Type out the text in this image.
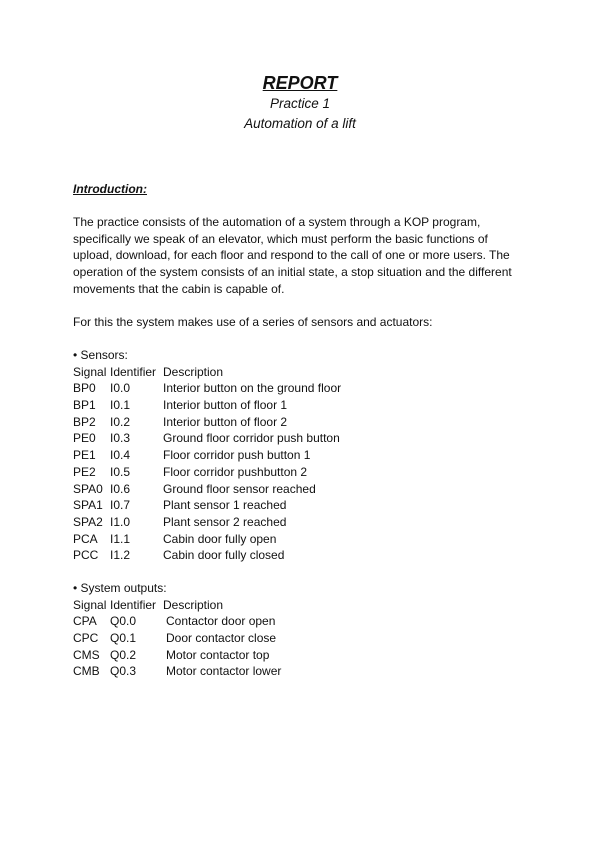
REPORT

Practice 1

Automation of a lift

Introduction:

The practice consists of the automation of a system through a KOP program,
specifically we speak of an elevator, which must perform the basic functions of
upload, download, for each floor and respond to the call of one or more users. The
operation of the system consists of an initial state, a stop situation and the different
movements that the cabin is capable of.

For this the system makes use of a series of sensors and actuators:

• Sensors:
Signal Identifier Description
BP0 I0.0	Interior button on the ground floor
BP1 I0.1	Interior button of floor 1
BP2 I0.2	Interior button of floor 2
PE0 I0.3	Ground floor corridor push button
PE1 I0.4	Floor corridor push button 1
PE2 I0.5	Floor corridor pushbutton 2
SPA0 I0.6	Ground floor sensor reached
SPA1 I0.7	Plant sensor 1 reached
SPA2 I1.0	Plant sensor 2 reached
PCA I1.1	Cabin door fully open
PCC I1.2	Cabin door fully closed
• System outputs:
Signal Identifier Description
CPA Q0.0 Contactor door open
CPC Q0.1 Door contactor close
CMS Q0.2 Motor contactor top
CMB Q0.3 Motor contactor lower
